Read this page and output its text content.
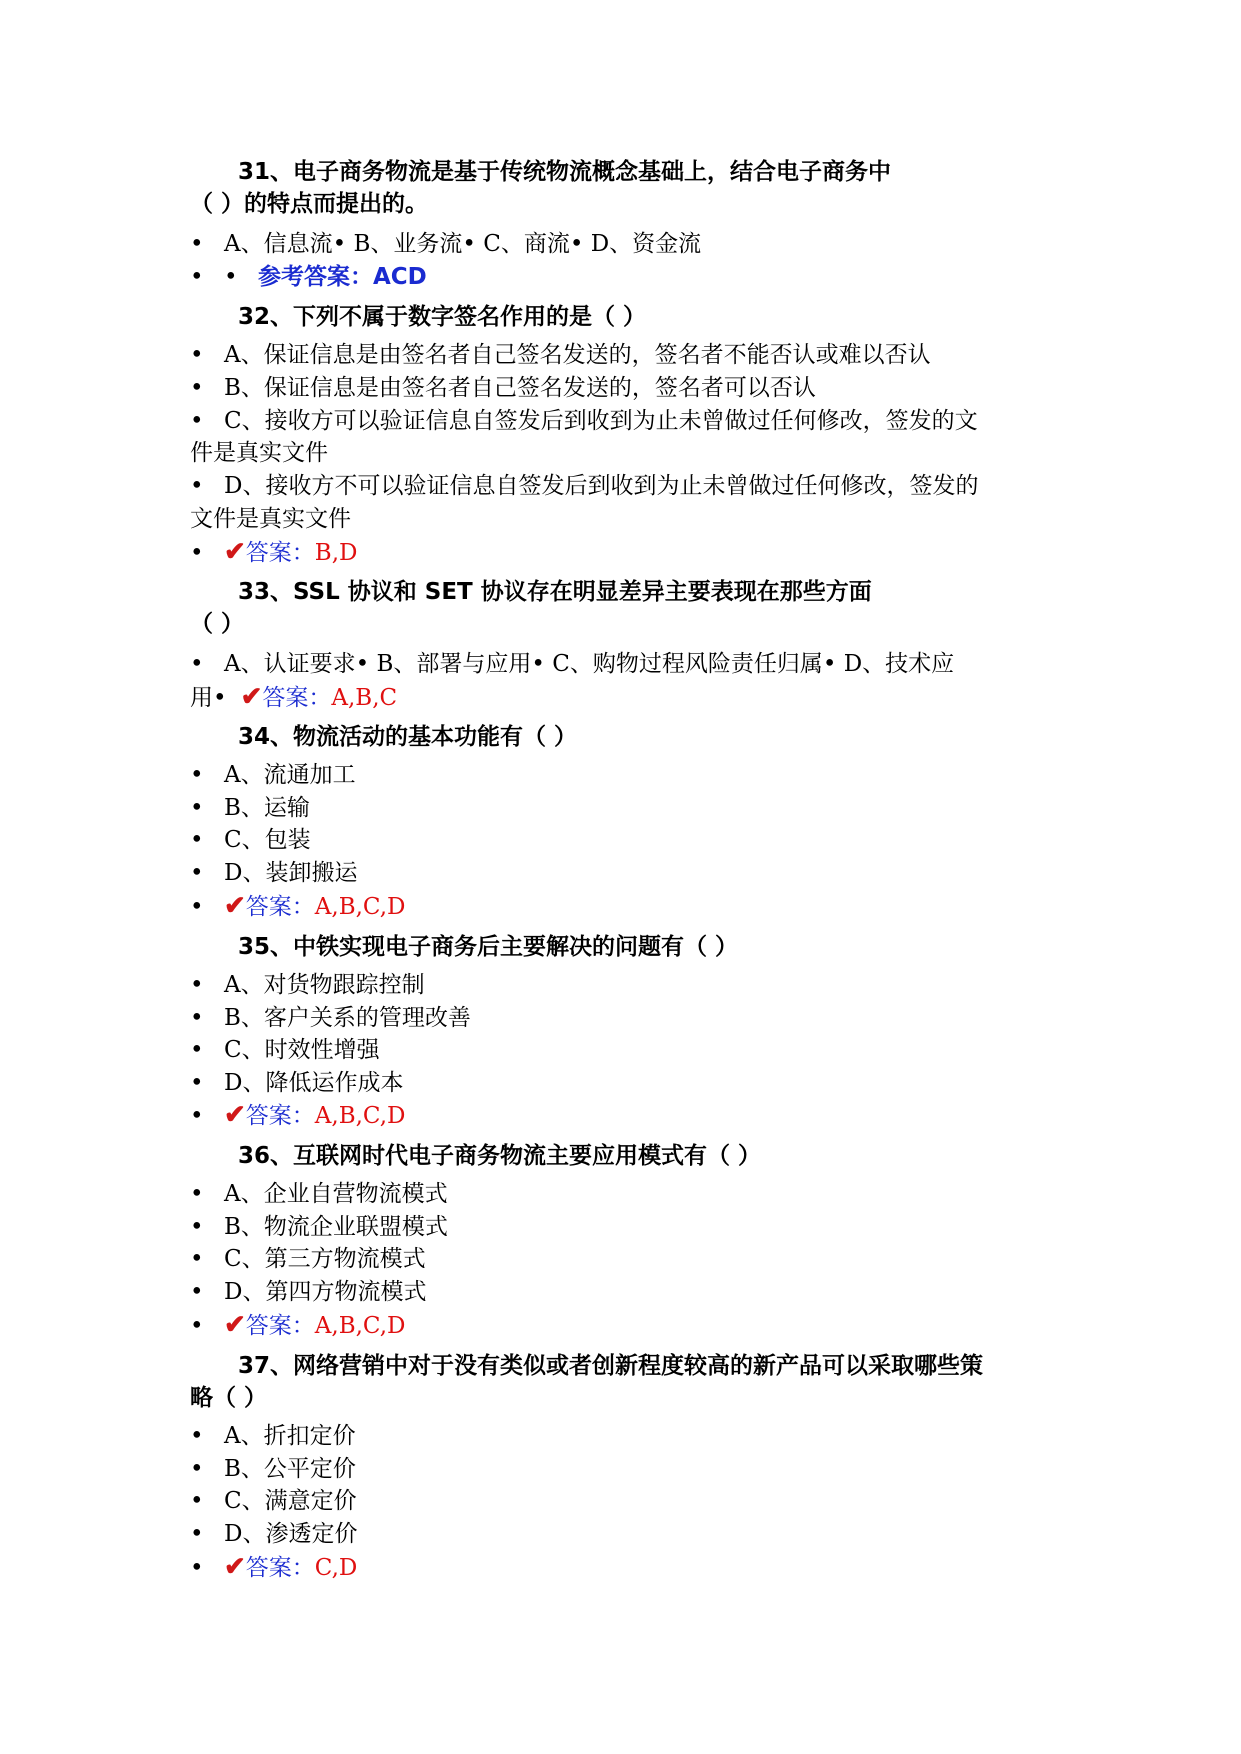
31、电子商务物流是基于传统物流概念基础上，结合电子商务中
（ ）的特点而提出的。
• A、信息流• B、业务流• C、商流• D、资金流
• • 参考答案：ACD
32、下列不属于数字签名作用的是（ ）
• A、保证信息是由签名者自己签名发送的，签名者不能否认或难以否认
• B、保证信息是由签名者自己签名发送的，签名者可以否认
• C、接收方可以验证信息自签发后到收到为止未曾做过任何修改，签发的文
件是真实文件
• D、接收方不可以验证信息自签发后到收到为止未曾做过任何修改，签发的
文件是真实文件
• ✔答案：B,D
33、SSL 协议和 SET 协议存在明显差异主要表现在那些方面
（ ）
• A、认证要求• B、部署与应用• C、购物过程风险责任归属• D、技术应
用• ✔答案：A,B,C
34、物流活动的基本功能有（ ）
• A、流通加工
• B、运输
• C、包装
• D、装卸搬运
• ✔答案：A,B,C,D
35、中铁实现电子商务后主要解决的问题有（ ）
• A、对货物跟踪控制
• B、客户关系的管理改善
• C、时效性增强
• D、降低运作成本
• ✔答案：A,B,C,D
36、互联网时代电子商务物流主要应用模式有（ ）
• A、企业自营物流模式
• B、物流企业联盟模式
• C、第三方物流模式
• D、第四方物流模式
• ✔答案：A,B,C,D
37、网络营销中对于没有类似或者创新程度较高的新产品可以采取哪些策
略（ ）
• A、折扣定价
• B、公平定价
• C、满意定价
• D、渗透定价
• ✔答案：C,D
